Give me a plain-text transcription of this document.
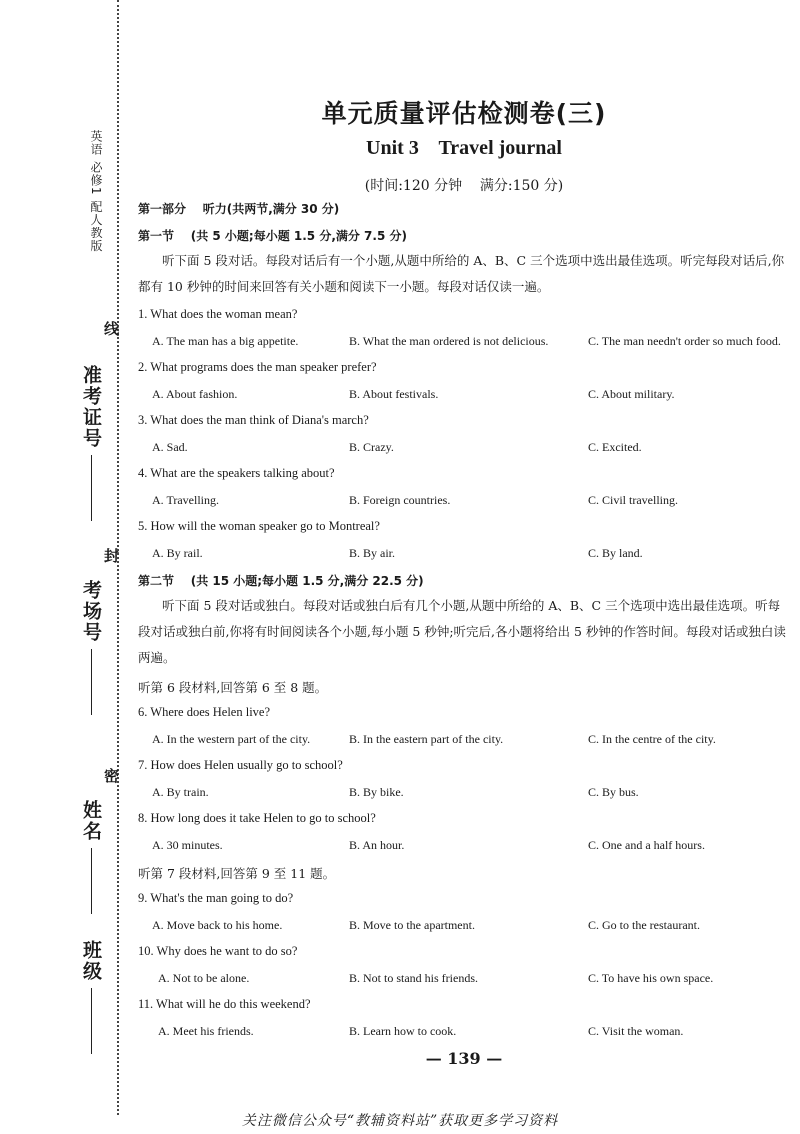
英语 必修1 配人教版
准考证号
考场号
姓名
班级
线
封
密
单元质量评估检测卷(三)
Unit 3    Travel journal
(时间:120 分钟    满分:150 分)
第一部分    听力(共两节,满分 30 分)
第一节    (共 5 小题;每小题 1.5 分,满分 7.5 分)
听下面 5 段对话。每段对话后有一个小题,从题中所给的 A、B、C 三个选项中选出最佳选项。听完每段对话后,你都有 10 秒钟的时间来回答有关小题和阅读下一小题。每段对话仅读一遍。
1. What does the woman mean?
A. The man has a big appetite.	B. What the man ordered is not delicious.	C. The man needn't order so much food.
2. What programs does the man speaker prefer?
A. About fashion.	B. About festivals.	C. About military.
3. What does the man think of Diana's march?
A. Sad.	B. Crazy.	C. Excited.
4. What are the speakers talking about?
A. Travelling.	B. Foreign countries.	C. Civil travelling.
5. How will the woman speaker go to Montreal?
A. By rail.	B. By air.	C. By land.
第二节    (共 15 小题;每小题 1.5 分,满分 22.5 分)
听下面 5 段对话或独白。每段对话或独白后有几个小题,从题中所给的 A、B、C 三个选项中选出最佳选项。听每段对话或独白前,你将有时间阅读各个小题,每小题 5 秒钟;听完后,各小题将给出 5 秒钟的作答时间。每段对话或独白读两遍。
听第 6 段材料,回答第 6 至 8 题。
6. Where does Helen live?
A. In the western part of the city.	B. In the eastern part of the city.	C. In the centre of the city.
7. How does Helen usually go to school?
A. By train.	B. By bike.	C. By bus.
8. How long does it take Helen to go to school?
A. 30 minutes.	B. An hour.	C. One and a half hours.
听第 7 段材料,回答第 9 至 11 题。
9. What's the man going to do?
A. Move back to his home.	B. Move to the apartment.	C. Go to the restaurant.
10. Why does he want to do so?
A. Not to be alone.	B. Not to stand his friends.	C. To have his own space.
11. What will he do this weekend?
A. Meet his friends.	B. Learn how to cook.	C. Visit the woman.
— 139 —
关注微信公众号“教辅资料站”获取更多学习资料
